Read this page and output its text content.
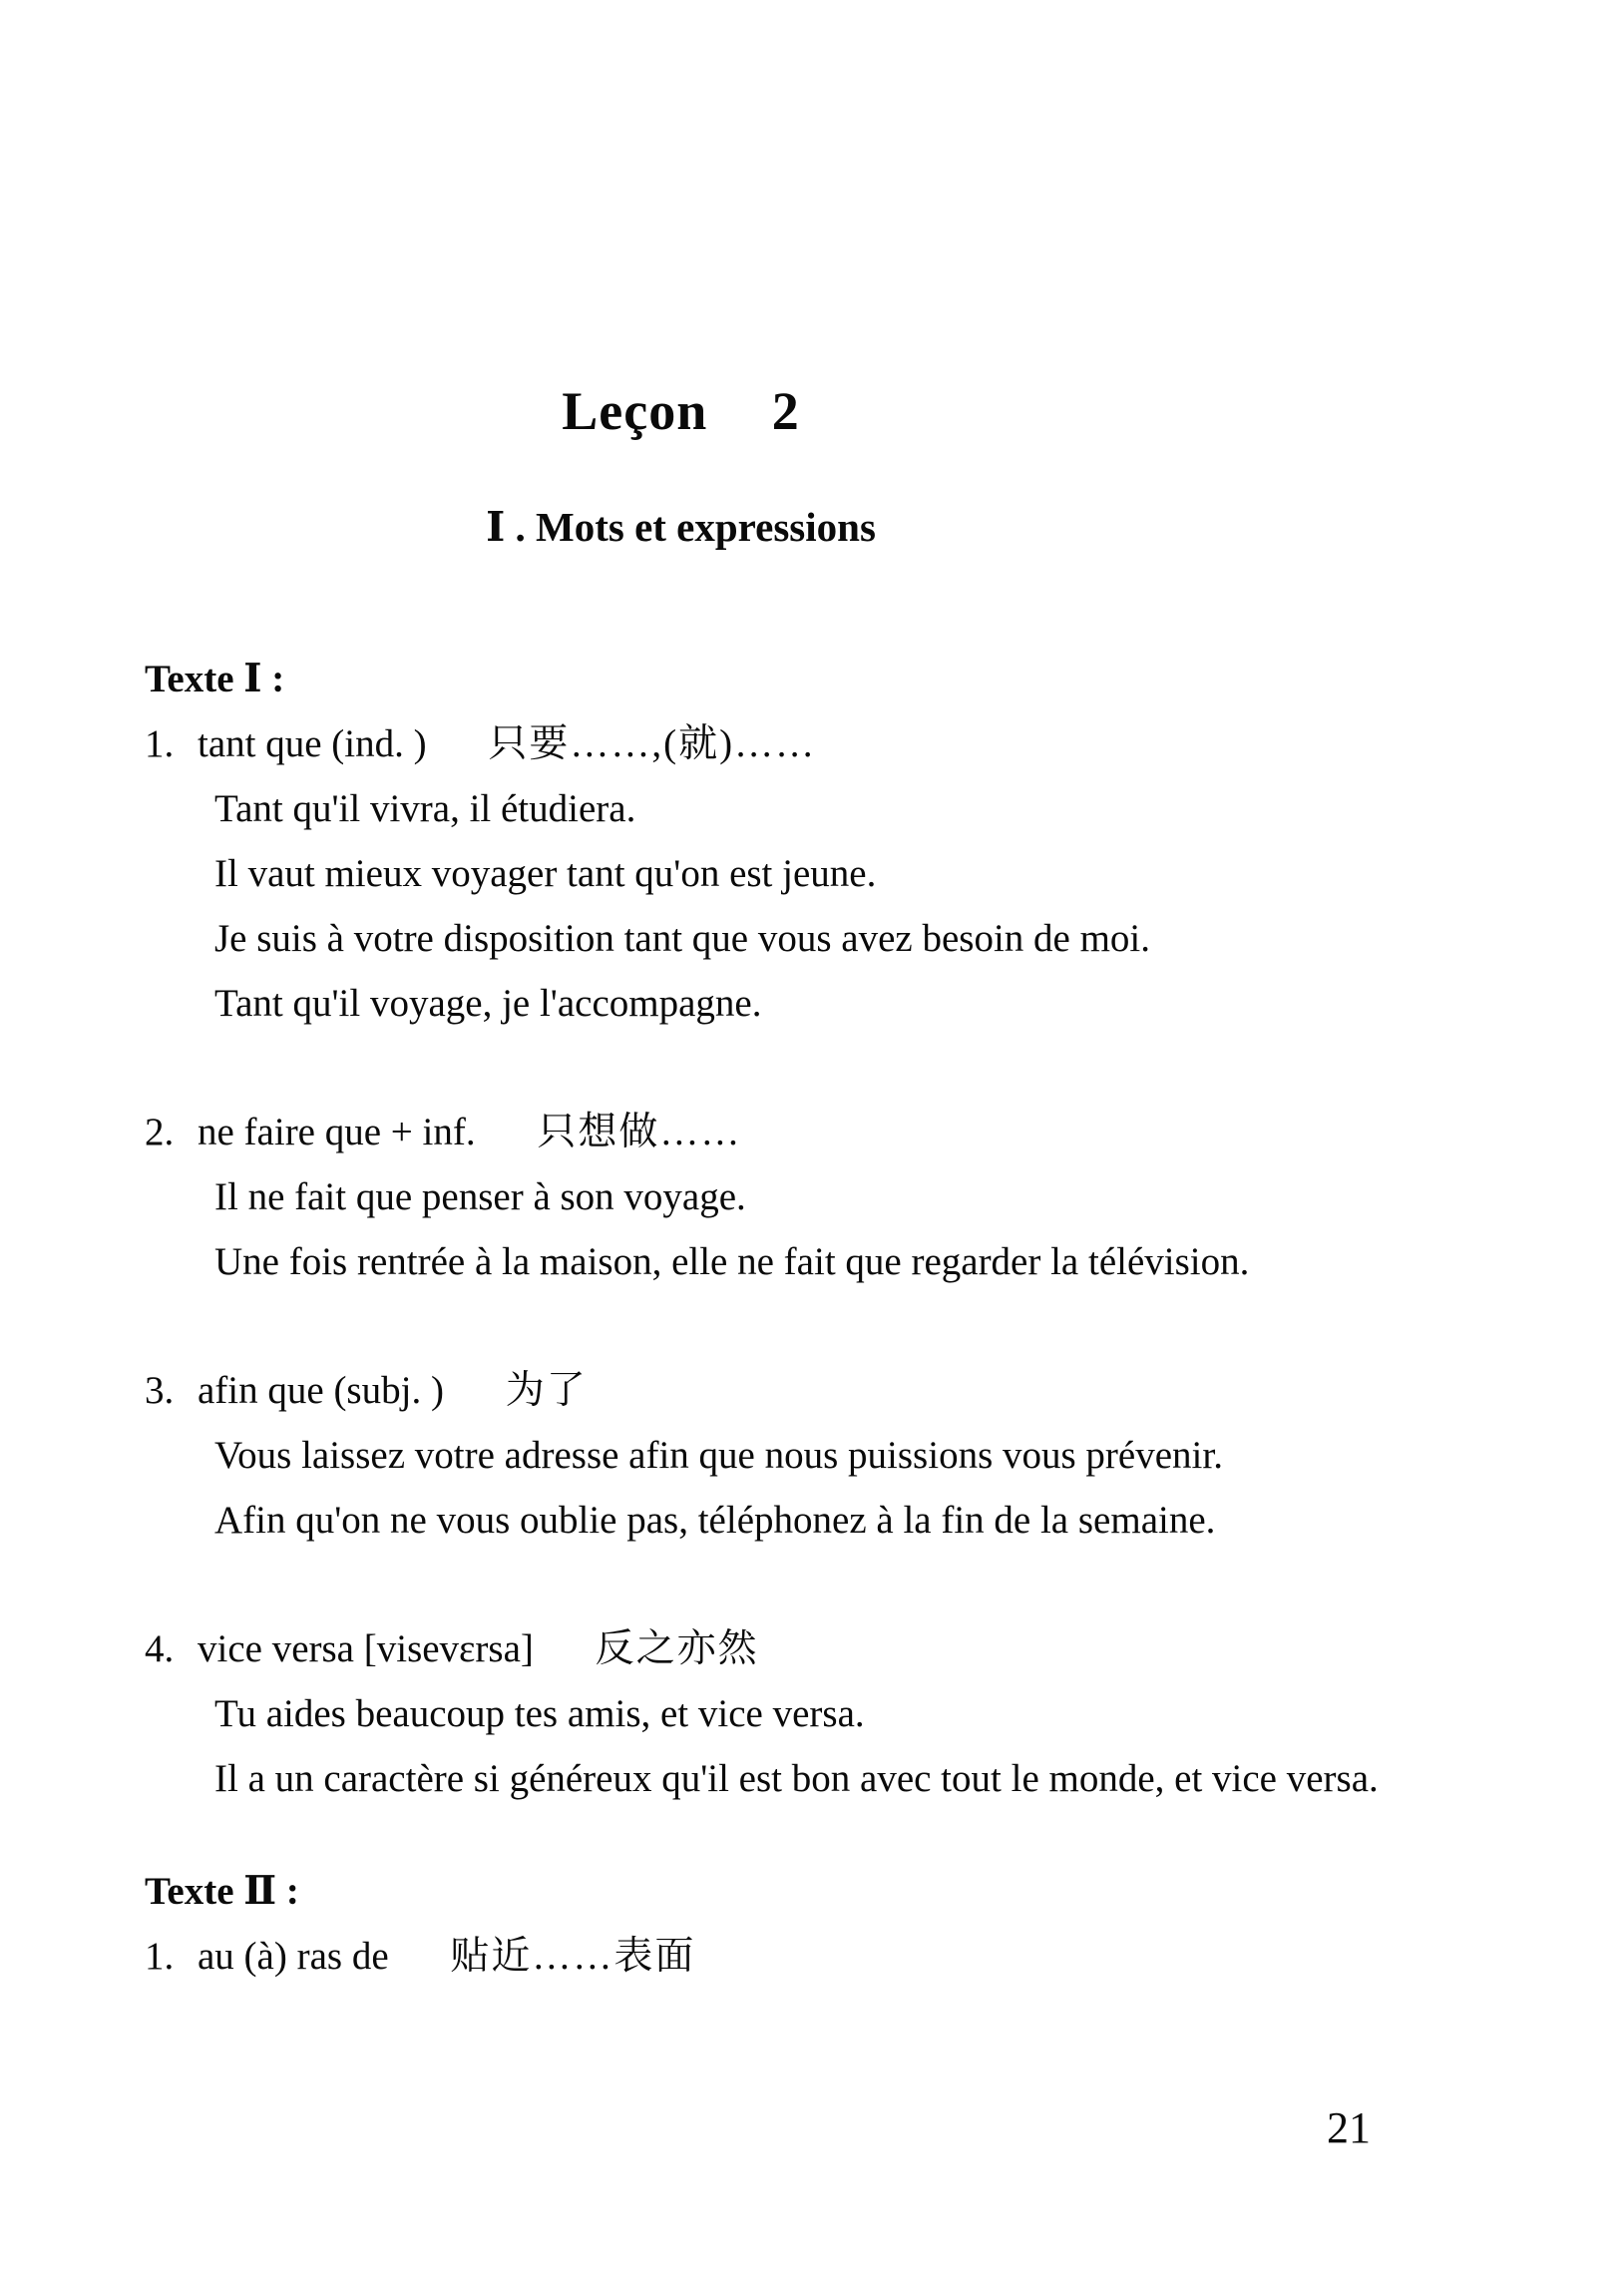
Leçon 2
Ⅰ . Mots et expressions
Texte Ⅰ :

1. tant que (ind. ) 只要……,(就)……

Tant qu'il vivra, il étudiera.

Il vaut mieux voyager tant qu'on est jeune.

Je suis à votre disposition tant que vous avez besoin de moi.

Tant qu'il voyage, je l'accompagne.

2. ne faire que + inf. 只想做……

Il ne fait que penser à son voyage.

Une fois rentrée à la maison, elle ne fait que regarder la télévision.

3. afin que (subj. ) 为了

Vous laissez votre adresse afin que nous puissions vous prévenir.

Afin qu'on ne vous oublie pas, téléphonez à la fin de la semaine.

4. vice versa [visevεrsa] 反之亦然

Tu aides beaucoup tes amis, et vice versa.

Il a un caractère si généreux qu'il est bon avec tout le monde, et vice versa.

Texte Ⅱ :

1. au (à) ras de 贴近……表面

21
